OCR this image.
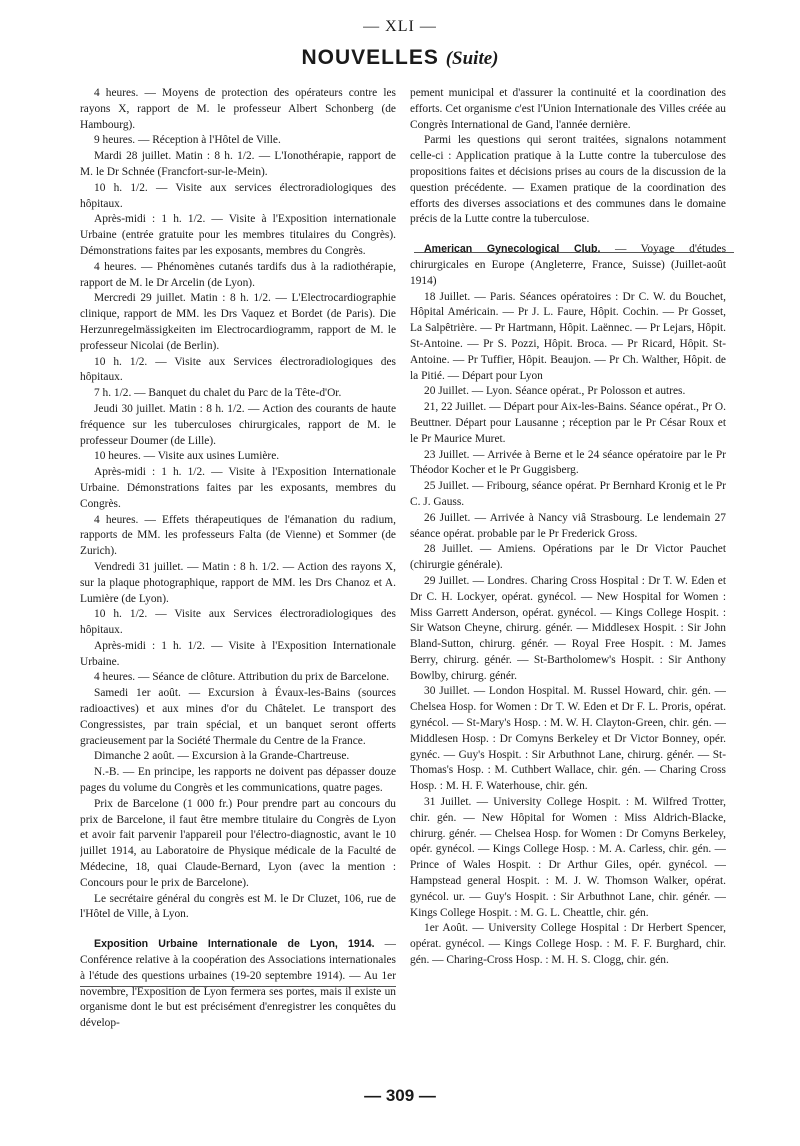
— XLI —
NOUVELLES (Suite)

4 heures. — Moyens de protection des opérateurs contre les rayons X, rapport de M. le professeur Albert Schonberg (de Hambourg).

9 heures. — Réception à l'Hôtel de Ville.

Mardi 28 juillet. Matin : 8 h. 1/2. — L'Ionothérapie, rapport de M. le Dr Schnée (Francfort-sur-le-Mein).

10 h. 1/2. — Visite aux services électroradiologiques des hôpitaux.

Après-midi : 1 h. 1/2. — Visite à l'Exposition internationale Urbaine (entrée gratuite pour les membres titulaires du Congrès). Démonstrations faites par les exposants, membres du Congrès.

4 heures. — Phénomènes cutanés tardifs dus à la radiothérapie, rapport de M. le Dr Arcelin (de Lyon).

Mercredi 29 juillet. Matin : 8 h. 1/2. — L'Electrocardiographie clinique, rapport de MM. les Drs Vaquez et Bordet (de Paris). Die Herzunregelmässigkeiten im Electrocardiogramm, rapport de M. le professeur Nicolai (de Berlin).

10 h. 1/2. — Visite aux Services électroradiologiques des hôpitaux.

7 h. 1/2. — Banquet du chalet du Parc de la Tête-d'Or.

Jeudi 30 juillet. Matin : 8 h. 1/2. — Action des courants de haute fréquence sur les tuberculoses chirurgicales, rapport de M. le professeur Doumer (de Lille).

10 heures. — Visite aux usines Lumière.

Après-midi : 1 h. 1/2. — Visite à l'Exposition Internationale Urbaine. Démonstrations faites par les exposants, membres du Congrès.

4 heures. — Effets thérapeutiques de l'émanation du radium, rapports de MM. les professeurs Falta (de Vienne) et Sommer (de Zurich).

Vendredi 31 juillet. — Matin : 8 h. 1/2. — Action des rayons X, sur la plaque photographique, rapport de MM. les Drs Chanoz et A. Lumière (de Lyon).

10 h. 1/2. — Visite aux Services électroradiologiques des hôpitaux.

Après-midi : 1 h. 1/2. — Visite à l'Exposition Internationale Urbaine.

4 heures. — Séance de clôture. Attribution du prix de Barcelone.

Samedi 1er août. — Excursion à Évaux-les-Bains (sources radioactives) et aux mines d'or du Châtelet. Le transport des Congressistes, par train spécial, et un banquet seront offerts gracieusement par la Société Thermale du Centre de la France.

Dimanche 2 août. — Excursion à la Grande-Chartreuse.

N.-B. — En principe, les rapports ne doivent pas dépasser douze pages du volume du Congrès et les communications, quatre pages.

Prix de Barcelone (1 000 fr.) Pour prendre part au concours du prix de Barcelone, il faut être membre titulaire du Congrès de Lyon et avoir fait parvenir l'appareil pour l'électro-diagnostic, avant le 10 juillet 1914, au Laboratoire de Physique médicale de la Faculté de Médecine, 18, quai Claude-Bernard, Lyon (avec la mention : Concours pour le prix de Barcelone).

Le secrétaire général du congrès est M. le Dr Cluzet, 106, rue de l'Hôtel de Ville, à Lyon.

Exposition Urbaine Internationale de Lyon, 1914. — Conférence relative à la coopération des Associations internationales à l'étude des questions urbaines (19-20 septembre 1914). — Au 1er novembre, l'Exposition de Lyon fermera ses portes, mais il existe un organisme dont le but est précisément d'enregistrer les conquêtes du dévelop-

pement municipal et d'assurer la continuité et la coordination des efforts. Cet organisme c'est l'Union Internationale des Villes créée au Congrès International de Gand, l'année dernière.

Parmi les questions qui seront traitées, signalons notamment celle-ci : Application pratique à la Lutte contre la tuberculose des propositions faites et décisions prises au cours de la discussion de la question précédente. — Examen pratique de la coordination des efforts des diverses associations et des communes dans le domaine précis de la Lutte contre la tuberculose.

American Gynecological Club. — Voyage d'études chirurgicales en Europe (Angleterre, France, Suisse) (Juillet-août 1914)

18 Juillet. — Paris. Séances opératoires : Dr C. W. du Bouchet, Hôpital Américain. — Pr J. L. Faure, Hôpit. Cochin. — Pr Gosset, La Salpêtrière. — Pr Hartmann, Hôpit. Laënnec. — Pr Lejars, Hôpit. St-Antoine. — Pr S. Pozzi, Hôpit. Broca. — Pr Ricard, Hôpit. St-Antoine. — Pr Tuffier, Hôpit. Beaujon. — Pr Ch. Walther, Hôpit. de la Pitié. — Départ pour Lyon

20 Juillet. — Lyon. Séance opérat., Pr Polosson et autres.

21, 22 Juillet. — Départ pour Aix-les-Bains. Séance opérat., Pr O. Beuttner. Départ pour Lausanne ; réception par le Pr César Roux et le Pr Maurice Muret.

23 Juillet. — Arrivée à Berne et le 24 séance opératoire par le Pr Théodor Kocher et le Pr Guggisberg.

25 Juillet. — Fribourg, séance opérat. Pr Bernhard Kronig et le Pr C. J. Gauss.

26 Juillet. — Arrivée à Nancy viâ Strasbourg. Le lendemain 27 séance opérat. probable par le Pr Frederick Gross.

28 Juillet. — Amiens. Opérations par le Dr Victor Pauchet (chirurgie générale).

29 Juillet. — Londres. Charing Cross Hospital : Dr T. W. Eden et Dr C. H. Lockyer, opérat. gynécol. — New Hospital for Women : Miss Garrett Anderson, opérat. gynécol. — Kings College Hospit. : Sir Watson Cheyne, chirurg. génér. — Middlesex Hospit. : Sir John Bland-Sutton, chirurg. génér. — Royal Free Hospit. : M. James Berry, chirurg. génér. — St-Bartholomew's Hospit. : Sir Anthony Bowlby, chirurg. génér.

30 Juillet. — London Hospital. M. Russel Howard, chir. gén. — Chelsea Hosp. for Women : Dr T. W. Eden et Dr F. L. Proris, opérat. gynécol. — St-Mary's Hosp. : M. W. H. Clayton-Green, chir. gén. — Middlesen Hosp. : Dr Comyns Berkeley et Dr Victor Bonney, opér. gynéc. — Guy's Hospit. : Sir Arbuthnot Lane, chirurg. génér. — St-Thomas's Hosp. : M. Cuthbert Wallace, chir. gén. — Charing Cross Hosp. : M. H. F. Waterhouse, chir. gén.

31 Juillet. — University College Hospit. : M. Wilfred Trotter, chir. gén. — New Hôpital for Women : Miss Aldrich-Blacke, chirurg. génér. — Chelsea Hosp. for Women : Dr Comyns Berkeley, opér. gynécol. — Kings College Hosp. : M. A. Carless, chir. gén. — Prince of Wales Hospit. : Dr Arthur Giles, opér. gynécol. — Hampstead general Hospit. : M. J. W. Thomson Walker, opérat. gynécol. ur. — Guy's Hospit. : Sir Arbuthnot Lane, chir. génér. — Kings College Hospit. : M. G. L. Cheattle, chir. gén.

1er Août. — University College Hospital : Dr Herbert Spencer, opérat. gynécol. — Kings College Hosp. : M. F. F. Burghard, chir. gén. — Charing-Cross Hosp. : M. H. S. Clogg, chir. gén.

— 309 —
